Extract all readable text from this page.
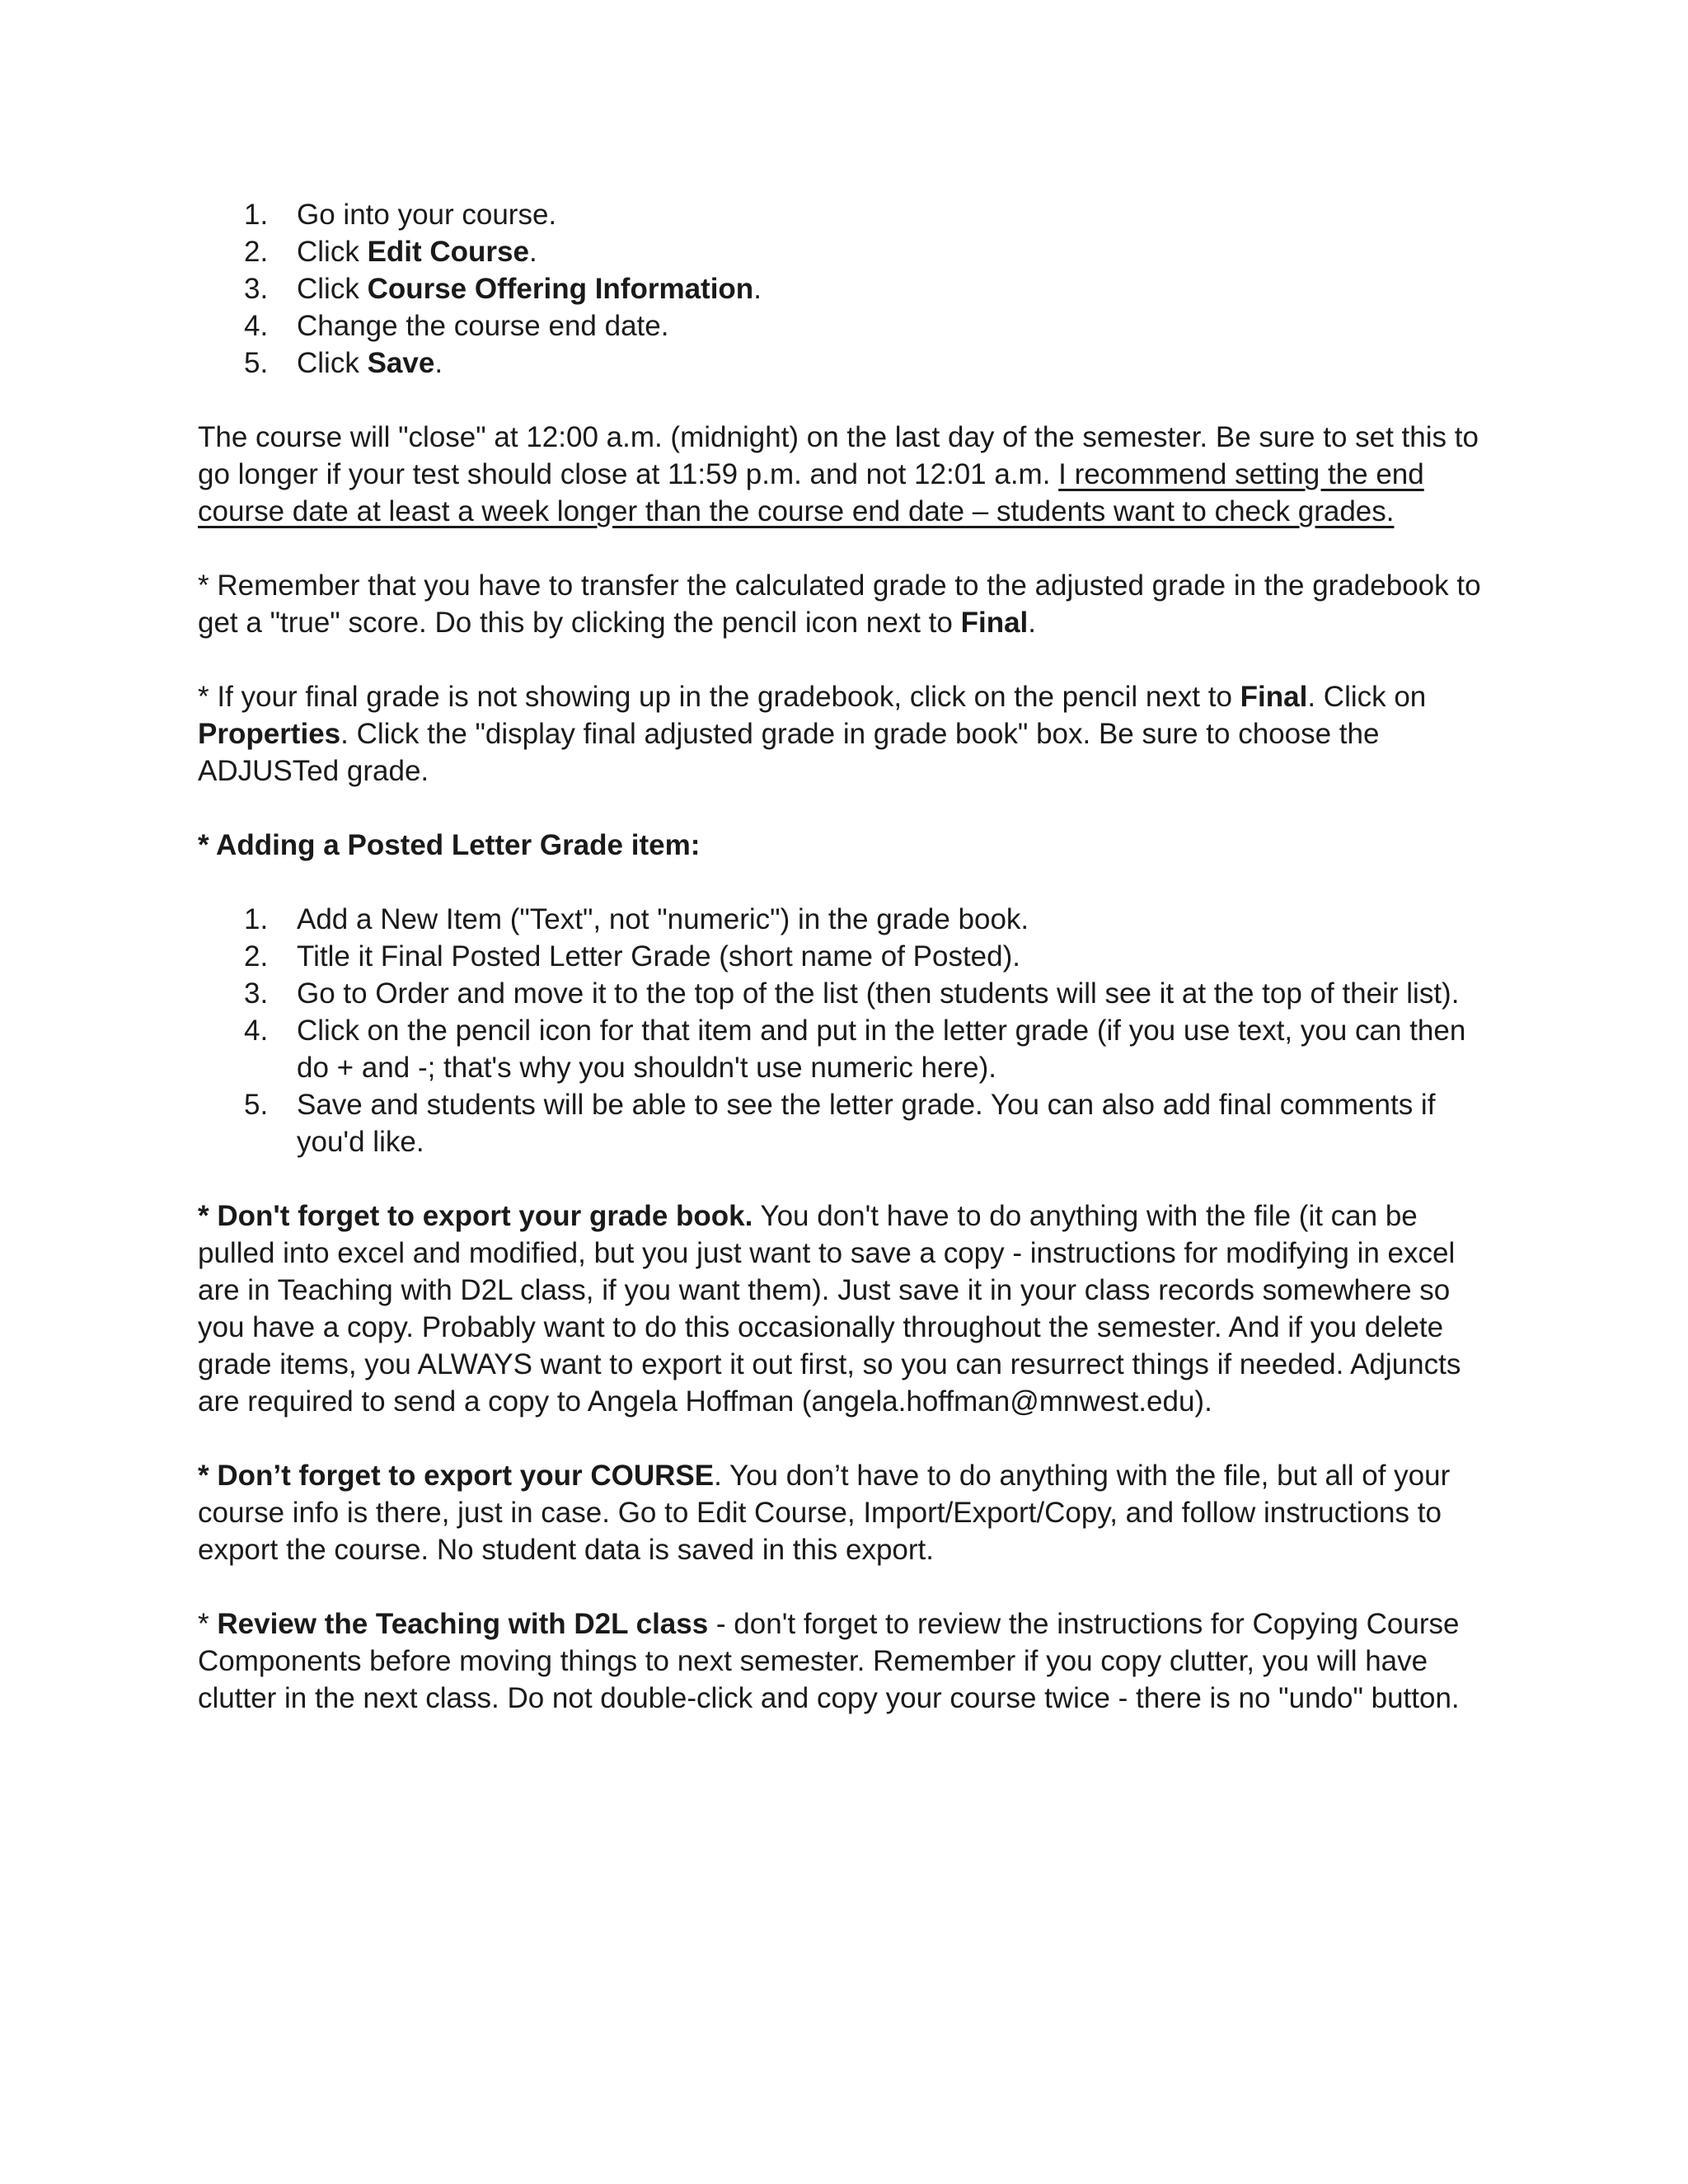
1. Go into your course.
2. Click Edit Course.
3. Click Course Offering Information.
4. Change the course end date.
5. Click Save.

The course will "close" at 12:00 a.m. (midnight) on the last day of the semester. Be sure to set this to go longer if your test should close at 11:59 p.m. and not 12:01 a.m. I recommend setting the end course date at least a week longer than the course end date – students want to check grades.

* Remember that you have to transfer the calculated grade to the adjusted grade in the gradebook to get a "true" score. Do this by clicking the pencil icon next to Final.

* If your final grade is not showing up in the gradebook, click on the pencil next to Final. Click on Properties. Click the "display final adjusted grade in grade book" box. Be sure to choose the ADJUSTed grade.

* Adding a Posted Letter Grade item:

1. Add a New Item ("Text", not "numeric") in the grade book.
2. Title it Final Posted Letter Grade (short name of Posted).
3. Go to Order and move it to the top of the list (then students will see it at the top of their list).
4. Click on the pencil icon for that item and put in the letter grade (if you use text, you can then do + and -; that's why you shouldn't use numeric here).
5. Save and students will be able to see the letter grade. You can also add final comments if you'd like.

* Don't forget to export your grade book. You don't have to do anything with the file (it can be pulled into excel and modified, but you just want to save a copy - instructions for modifying in excel are in Teaching with D2L class, if you want them). Just save it in your class records somewhere so you have a copy. Probably want to do this occasionally throughout the semester. And if you delete grade items, you ALWAYS want to export it out first, so you can resurrect things if needed. Adjuncts are required to send a copy to Angela Hoffman (angela.hoffman@mnwest.edu).

* Don’t forget to export your COURSE. You don’t have to do anything with the file, but all of your course info is there, just in case. Go to Edit Course, Import/Export/Copy, and follow instructions to export the course. No student data is saved in this export.

* Review the Teaching with D2L class - don't forget to review the instructions for Copying Course Components before moving things to next semester. Remember if you copy clutter, you will have clutter in the next class. Do not double-click and copy your course twice - there is no "undo" button.
